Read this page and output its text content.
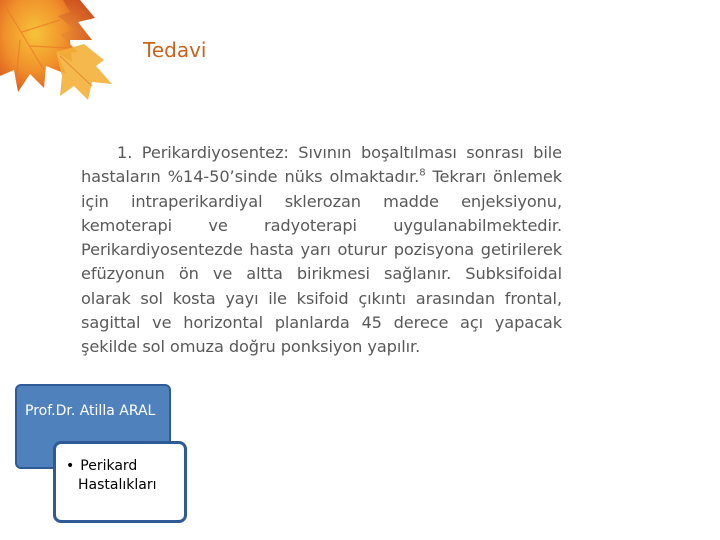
Tedavi
1. Perikardiyosentez: Sıvının boşaltılması sonrası bile hastaların %14-50’sinde nüks olmaktadır.$^8$ Tekrarı önlemek için intraperikardiyal sklerozan madde enjeksiyonu, kemoterapi ve radyoterapi uygulanabilmektedir. Perikardiyosentezde hasta yarı oturur pozisyona getirilerek efüzyonun ön ve altta birikmesi sağlanır. Subksifoidal olarak sol kosta yayı ile ksifoid çıkıntı arasından frontal, sagittal ve horizontal planlarda 45 derece açı yapacak şekilde sol omuza doğru ponksiyon yapılır.
Prof.Dr. Atilla ARAL
• Perikard
Hastalıkları
